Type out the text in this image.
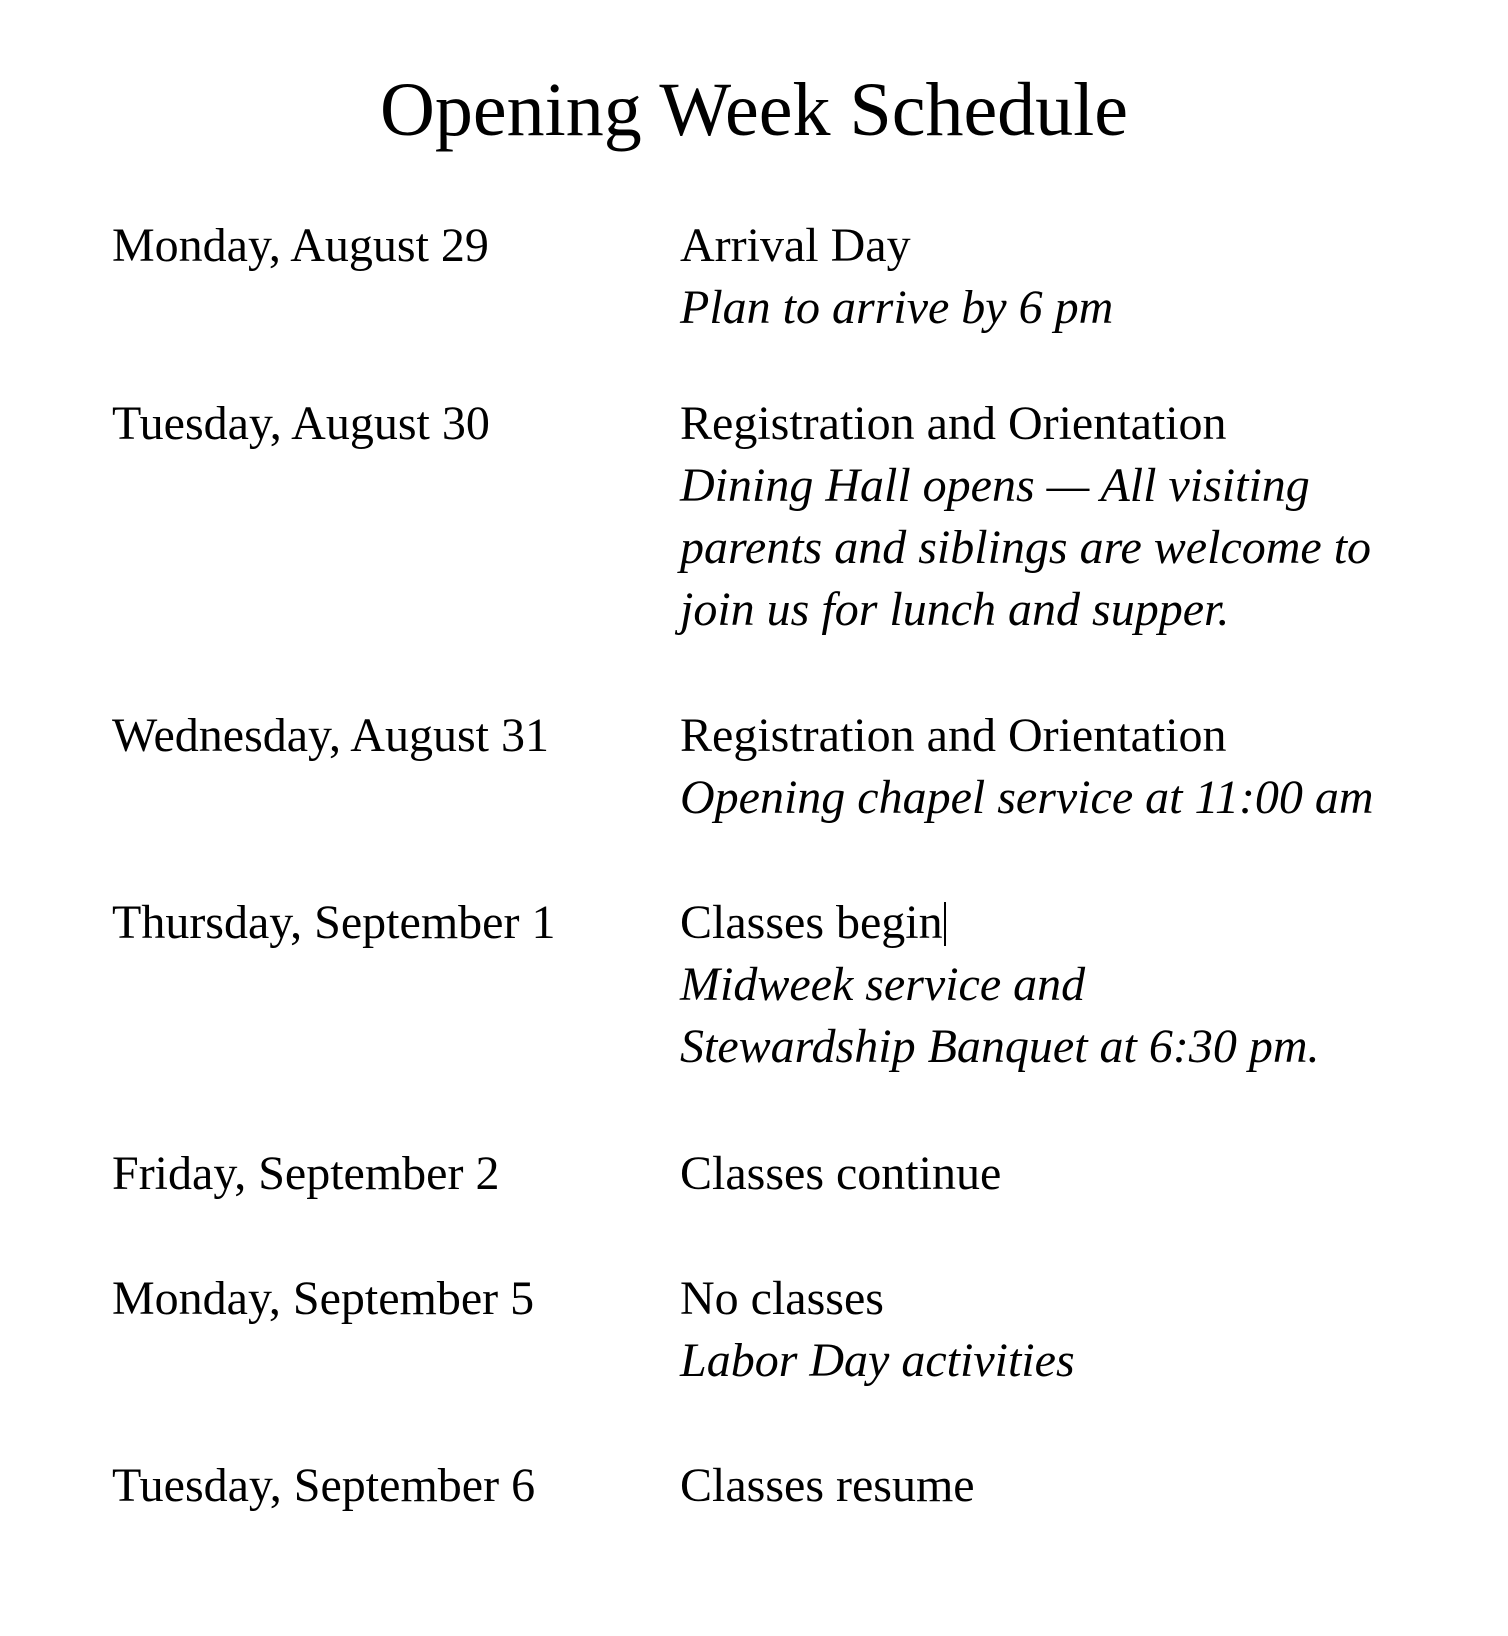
Opening Week Schedule
Monday, August 29	Arrival Day
Plan to arrive by 6 pm
Tuesday, August 30	Registration and Orientation
Dining Hall opens — All visiting
parents and siblings are welcome to
join us for lunch and supper.
Wednesday, August 31	Registration and Orientation
Opening chapel service at 11:00 am
Thursday, September 1	Classes begin
Midweek service and
Stewardship Banquet at 6:30 pm.
Friday, September 2	Classes continue
Monday, September 5	No classes
Labor Day activities
Tuesday, September 6	Classes resume
